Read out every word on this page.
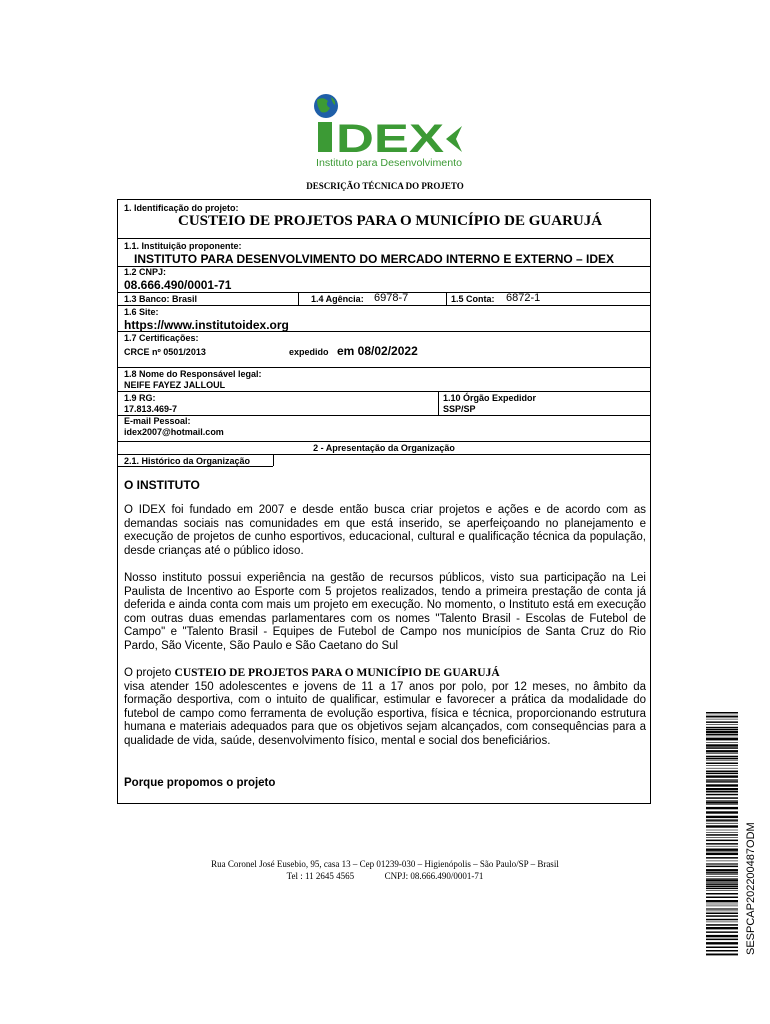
DEX
Instituto para Desenvolvimento
DESCRIÇÃO TÉCNICA DO PROJETO
1. Identificação do projeto:
CUSTEIO DE PROJETOS PARA O MUNICÍPIO DE GUARUJÁ
1.1. Instituição proponente:
INSTITUTO PARA DESENVOLVIMENTO DO MERCADO INTERNO E EXTERNO – IDEX
1.2 CNPJ:
08.666.490/0001-71
1.3 Banco: Brasil	1.4 Agência: 6978-7	1.5 Conta: 6872-1
1.6 Site:
https://www.institutoidex.org
1.7 Certificações:
CRCE nº 0501/2013	expedido em 08/02/2022
1.8 Nome do Responsável legal:
NEIFE FAYEZ JALLOUL
1.9 RG:
17.813.469-7
1.10 Órgão Expedidor
SSP/SP
E-mail Pessoal:
idex2007@hotmail.com
2 - Apresentação da Organização
2.1. Histórico da Organização
O INSTITUTO
O IDEX foi fundado em 2007 e desde então busca criar projetos e ações e de acordo com as demandas sociais nas comunidades em que está inserido, se aperfeiçoando no planejamento e execução de projetos de cunho esportivos, educacional, cultural e qualificação técnica da população, desde crianças até o público idoso.
Nosso instituto possui experiência na gestão de recursos públicos, visto sua participação na Lei Paulista de Incentivo ao Esporte com 5 projetos realizados, tendo a primeira prestação de conta já deferida e ainda conta com mais um projeto em execução. No momento, o Instituto está em execução com outras duas emendas parlamentares com os nomes "Talento Brasil - Escolas de Futebol de Campo" e "Talento Brasil - Equipes de Futebol de Campo nos municípios de Santa Cruz do Rio Pardo, São Vicente, São Paulo e São Caetano do Sul
O projeto CUSTEIO DE PROJETOS PARA O MUNICÍPIO DE GUARUJÁ
visa atender 150 adolescentes e jovens de 11 a 17 anos por polo, por 12 meses, no âmbito da formação desportiva, com o intuito de qualificar, estimular e favorecer a prática da modalidade do futebol de campo como ferramenta de evolução esportiva, física e técnica, proporcionando estrutura humana e materiais adequados para que os objetivos sejam alcançados, com consequências para a qualidade de vida, saúde, desenvolvimento físico, mental e social dos beneficiários.
Porque propomos o projeto
Rua Coronel José Eusebio, 95, casa 13 – Cep 01239-030 – Higienópolis – São Paulo/SP – Brasil
Tel : 11 2645 4565	CNPJ: 08.666.490/0001-71	SESPCAP202200487ODM
